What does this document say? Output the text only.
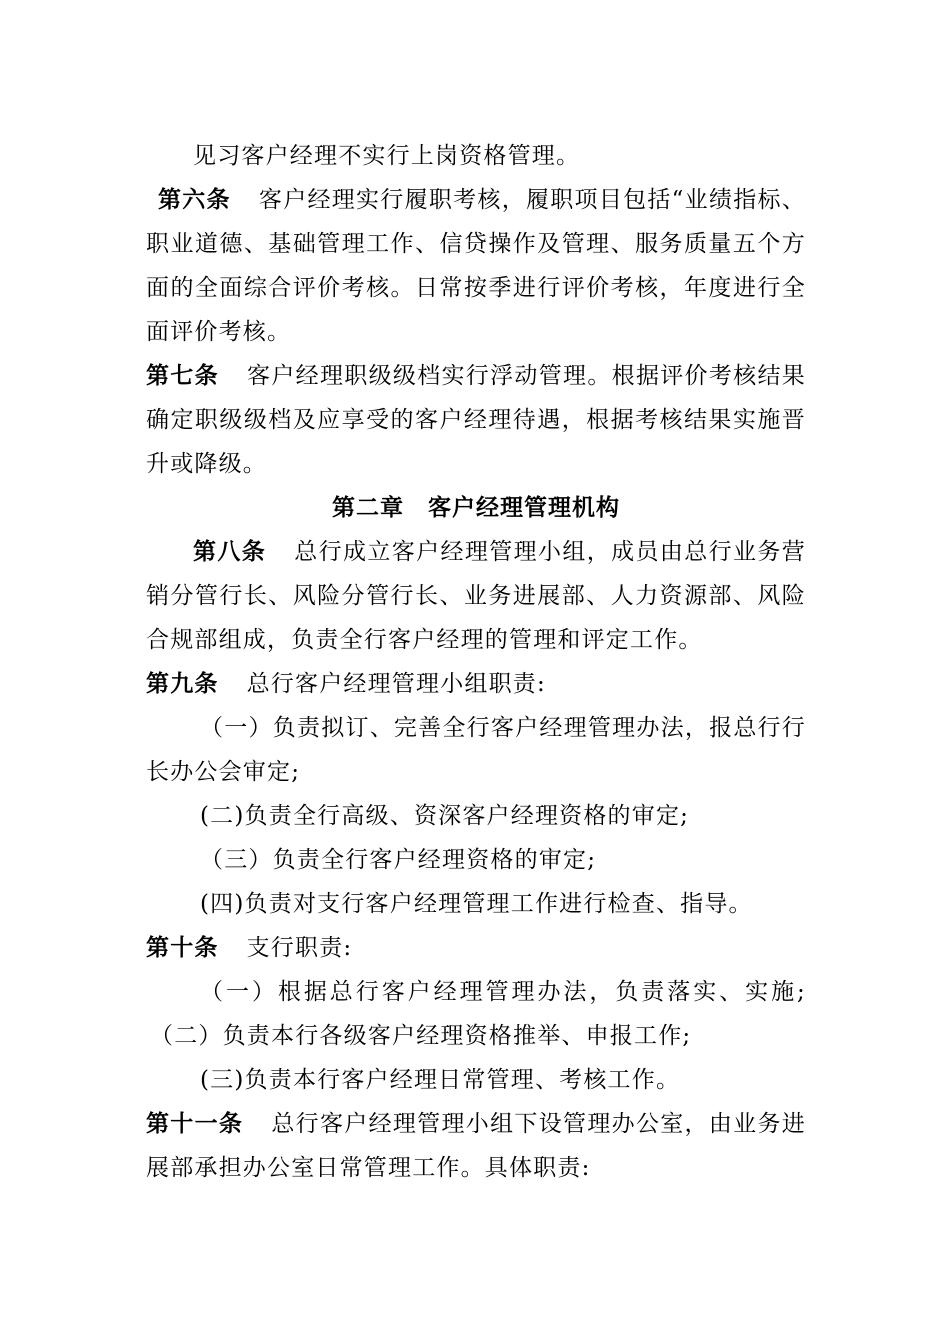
见习客户经理不实行上岗资格管理。
第六条 客户经理实行履职考核，履职项目包括“业绩指标、
职业道德、基础管理工作、信贷操作及管理、服务质量五个方
面的全面综合评价考核。日常按季进行评价考核，年度进行全
面评价考核。
第七条 客户经理职级级档实行浮动管理。根据评价考核结果
确定职级级档及应享受的客户经理待遇，根据考核结果实施晋
升或降级。
第二章　客户经理管理机构
第八条 总行成立客户经理管理小组，成员由总行业务营
销分管行长、风险分管行长、业务进展部、人力资源部、风险
合规部组成，负责全行客户经理的管理和评定工作。
第九条 总行客户经理管理小组职责:
（一）负责拟订、完善全行客户经理管理办法，报总行行
长办公会审定;
(二)负责全行高级、资深客户经理资格的审定;
（三）负责全行客户经理资格的审定;
(四)负责对支行客户经理管理工作进行检查、指导。
第十条 支行职责:
（一）根据总行客户经理管理办法，负责落实、实施;
（二）负责本行各级客户经理资格推举、申报工作;
(三)负责本行客户经理日常管理、考核工作。
第十一条 总行客户经理管理小组下设管理办公室，由业务进
展部承担办公室日常管理工作。具体职责:
